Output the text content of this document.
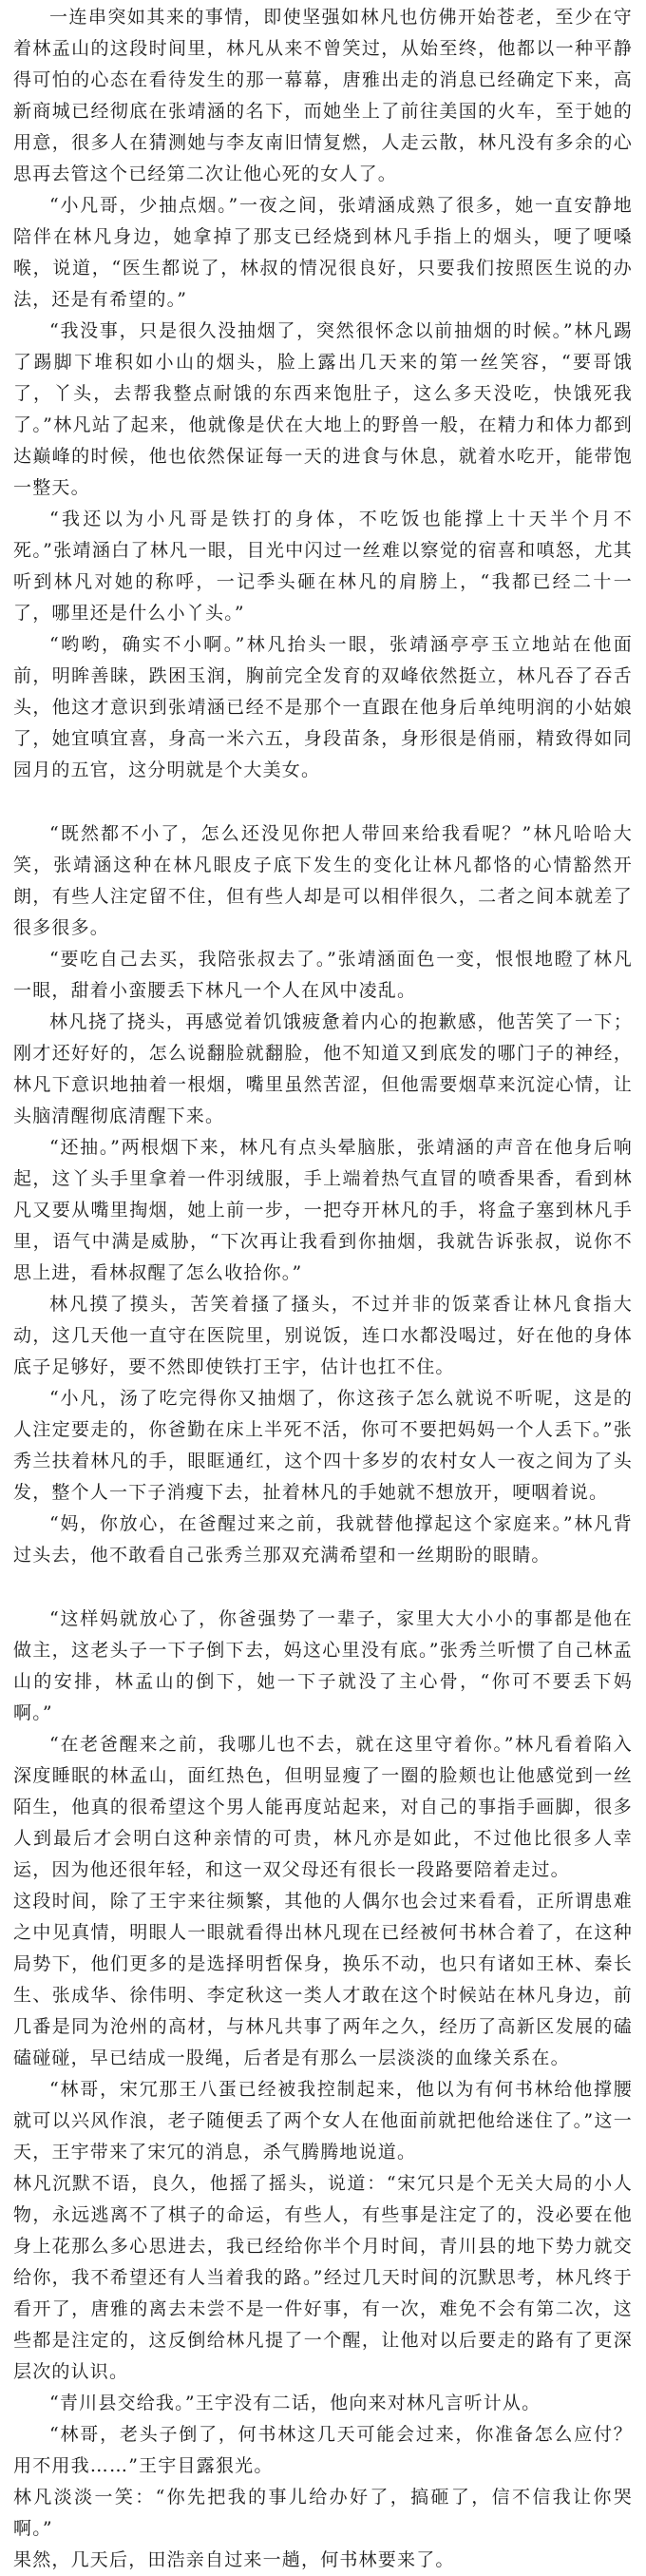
一连串突如其来的事情，即使坚强如林凡也仿佛开始苍老，至少在守着林孟山的这段时间里，林凡从来不曾笑过，从始至终，他都以一种平静得可怕的心态在看待发生的那一幕幕，唐雅出走的消息已经确定下来，高新商城已经彻底在张靖涵的名下，而她坐上了前往美国的火车，至于她的用意，很多人在猜测她与李友南旧情复燃，人走云散，林凡没有多余的心思再去管这个已经第二次让他心死的女人了。

“小凡哥，少抽点烟。”一夜之间，张靖涵成熟了很多，她一直安静地陪伴在林凡身边，她拿掉了那支已经烧到林凡手指上的烟头，哽了哽嗓喉，说道，“医生都说了，林叔的情况很良好，只要我们按照医生说的办法，还是有希望的。”

“我没事，只是很久没抽烟了，突然很怀念以前抽烟的时候。”林凡踢了踢脚下堆积如小山的烟头，脸上露出几天来的第一丝笑容，“要哥饿了，丫头，去帮我整点耐饿的东西来饱肚子，这么多天没吃，快饿死我了。”林凡站了起来，他就像是伏在大地上的野兽一般，在精力和体力都到达巅峰的时候，他也依然保证每一天的进食与休息，就着水吃开，能带饱一整天。

“我还以为小凡哥是铁打的身体，不吃饭也能撑上十天半个月不死。”张靖涵白了林凡一眼，目光中闪过一丝难以察觉的宿喜和嗔怒，尤其听到林凡对她的称呼，一记季头砸在林凡的肩膀上，“我都已经二十一了，哪里还是什么小丫头。”

“哟哟，确实不小啊。”林凡抬头一眼，张靖涵亭亭玉立地站在他面前，明眸善睐，跌困玉润，胸前完全发育的双峰依然挺立，林凡吞了吞舌头，他这才意识到张靖涵已经不是那个一直跟在他身后单纯明润的小姑娘了，她宜嗔宜喜，身高一米六五，身段苗条，身形很是俏丽，精致得如同园月的五官，这分明就是个大美女。

“既然都不小了，怎么还没见你把人带回来给我看呢？”林凡哈哈大笑，张靖涵这种在林凡眼皮子底下发生的变化让林凡都恪的心情豁然开朗，有些人注定留不住，但有些人却是可以相伴很久，二者之间本就差了很多很多。

“要吃自己去买，我陪张叔去了。”张靖涵面色一变，恨恨地瞪了林凡一眼，甜着小蛮腰丢下林凡一个人在风中凌乱。

林凡挠了挠头，再感觉着饥饿疲惫着内心的抱歉感，他苦笑了一下；刚才还好好的，怎么说翻脸就翻脸，他不知道又到底发的哪门子的神经，林凡下意识地抽着一根烟，嘴里虽然苦涩，但他需要烟草来沉淀心情，让头脑清醒彻底清醒下来。

“还抽。”两根烟下来，林凡有点头晕脑胀，张靖涵的声音在他身后响起，这丫头手里拿着一件羽绒服，手上端着热气直冒的喷香果香，看到林凡又要从嘴里掏烟，她上前一步，一把夺开林凡的手，将盒子塞到林凡手里，语气中满是威胁，“下次再让我看到你抽烟，我就告诉张叔，说你不思上进，看林叔醒了怎么收拾你。”

林凡摸了摸头，苦笑着搔了搔头，不过并非的饭菜香让林凡食指大动，这几天他一直守在医院里，别说饭，连口水都没喝过，好在他的身体底子足够好，要不然即使铁打王宇，估计也扛不住。

“小凡，汤了吃完得你又抽烟了，你这孩子怎么就说不听呢，这是的人注定要走的，你爸勤在床上半死不活，你可不要把妈妈一个人丢下。”张秀兰扶着林凡的手，眼眶通红，这个四十多岁的农村女人一夜之间为了头发，整个人一下子消瘦下去，扯着林凡的手她就不想放开，哽咽着说。

“妈，你放心，在爸醒过来之前，我就替他撑起这个家庭来。”林凡背过头去，他不敢看自己张秀兰那双充满希望和一丝期盼的眼睛。

“这样妈就放心了，你爸强势了一辈子，家里大大小小的事都是他在做主，这老头子一下子倒下去，妈这心里没有底。”张秀兰听惯了自己林孟山的安排，林孟山的倒下，她一下子就没了主心骨，“你可不要丢下妈啊。”

“在老爸醒来之前，我哪儿也不去，就在这里守着你。”林凡看着陷入深度睡眠的林孟山，面红热色，但明显瘦了一圈的脸颊也让他感觉到一丝陌生，他真的很希望这个男人能再度站起来，对自己的事指手画脚，很多人到最后才会明白这种亲情的可贵，林凡亦是如此，不过他比很多人幸运，因为他还很年轻，和这一双父母还有很长一段路要陪着走过。

这段时间，除了王宇来往频繁，其他的人偶尔也会过来看看，正所谓患难之中见真情，明眼人一眼就看得出林凡现在已经被何书林合着了，在这种局势下，他们更多的是选择明哲保身，换乐不动，也只有诸如王林、秦长生、张成华、徐伟明、李定秋这一类人才敢在这个时候站在林凡身边，前几番是同为沧州的高材，与林凡共事了两年之久，经历了高新区发展的磕磕碰碰，早已结成一股绳，后者是有那么一层淡淡的血缘关系在。

“林哥，宋冗那王八蛋已经被我控制起来，他以为有何书林给他撑腰就可以兴风作浪，老子随便丢了两个女人在他面前就把他给迷住了。”这一天，王宇带来了宋冗的消息，杀气腾腾地说道。

林凡沉默不语，良久，他摇了摇头，说道：“宋冗只是个无关大局的小人物，永远逃离不了棋子的命运，有些人，有些事是注定了的，没必要在他身上花那么多心思进去，我已经给你半个月时间，青川县的地下势力就交给你，我不希望还有人当着我的路。”经过几天时间的沉默思考，林凡终于看开了，唐雅的离去未尝不是一件好事，有一次，难免不会有第二次，这些都是注定的，这反倒给林凡提了一个醒，让他对以后要走的路有了更深层次的认识。

“青川县交给我。”王宇没有二话，他向来对林凡言听计从。

“林哥，老头子倒了，何书林这几天可能会过来，你准备怎么应付？用不用我……”王宇目露狠光。

林凡淡淡一笑：“你先把我的事儿给办好了，搞砸了，信不信我让你哭啊。”

果然，几天后，田浩亲自过来一趟，何书林要来了。
